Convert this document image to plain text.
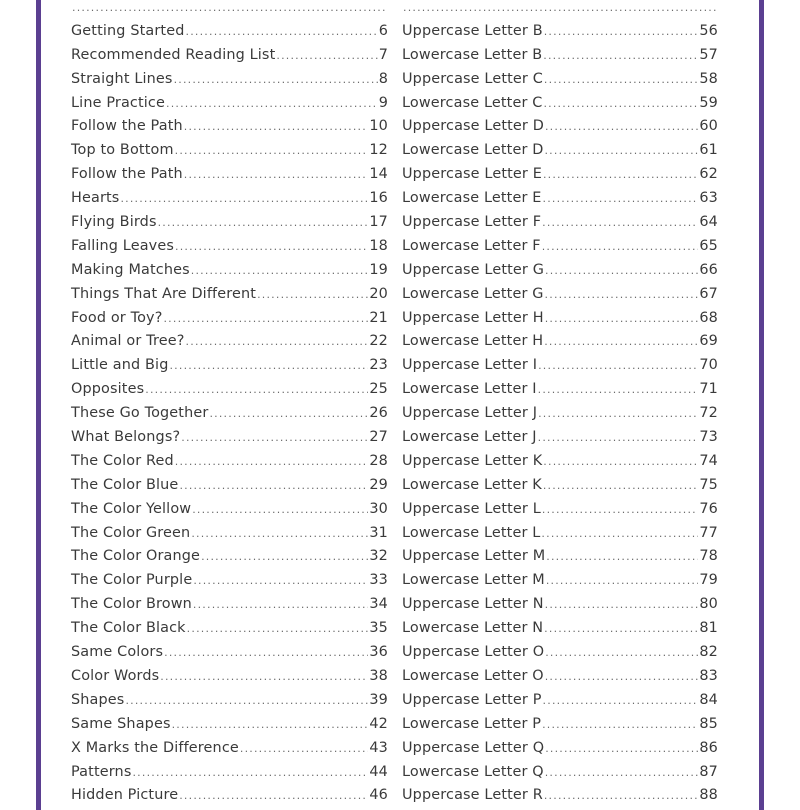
.....
Getting Started .....	6
Recommended Reading List .....	7
Straight Lines .....	8
Line Practice .....	9
Follow the Path .....	10
Top to Bottom .....	12
Follow the Path .....	14
Hearts .....	16
Flying Birds .....	17
Falling Leaves .....	18
Making Matches .....	19
Things That Are Different .....	20
Food or Toy? .....	21
Animal or Tree? .....	22
Little and Big .....	23
Opposites .....	25
These Go Together .....	26
What Belongs? .....	27
The Color Red .....	28
The Color Blue .....	29
The Color Yellow .....	30
The Color Green .....	31
The Color Orange .....	32
The Color Purple .....	33
The Color Brown .....	34
The Color Black .....	35
Same Colors .....	36
Color Words .....	38
Shapes .....	39
Same Shapes .....	42
X Marks the Difference .....	43
Patterns .....	44
Hidden Picture .....	46
.....
Uppercase Letter B .....	56
Lowercase Letter B .....	57
Uppercase Letter C .....	58
Lowercase Letter C .....	59
Uppercase Letter D .....	60
Lowercase Letter D .....	61
Uppercase Letter E .....	62
Lowercase Letter E .....	63
Uppercase Letter F .....	64
Lowercase Letter F .....	65
Uppercase Letter G .....	66
Lowercase Letter G .....	67
Uppercase Letter H .....	68
Lowercase Letter H .....	69
Uppercase Letter I .....	70
Lowercase Letter I .....	71
Uppercase Letter J .....	72
Lowercase Letter J .....	73
Uppercase Letter K .....	74
Lowercase Letter K .....	75
Uppercase Letter L .....	76
Lowercase Letter L .....	77
Uppercase Letter M .....	78
Lowercase Letter M .....	79
Uppercase Letter N .....	80
Lowercase Letter N .....	81
Uppercase Letter O .....	82
Lowercase Letter O .....	83
Uppercase Letter P .....	84
Lowercase Letter P .....	85
Uppercase Letter Q .....	86
Lowercase Letter Q .....	87
Uppercase Letter R .....	88
